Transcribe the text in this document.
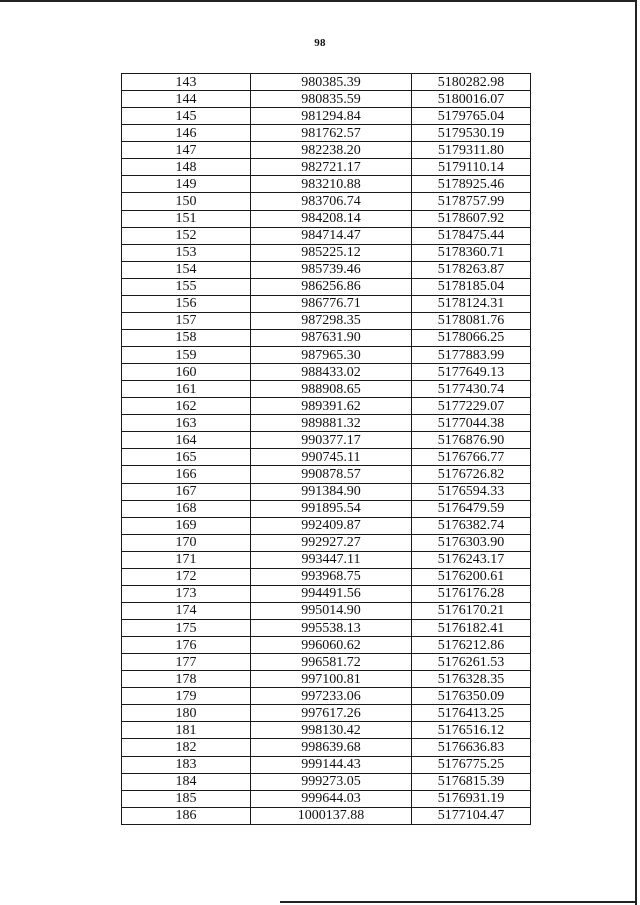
98
143	980385.39	5180282.98
144	980835.59	5180016.07
145	981294.84	5179765.04
146	981762.57	5179530.19
147	982238.20	5179311.80
148	982721.17	5179110.14
149	983210.88	5178925.46
150	983706.74	5178757.99
151	984208.14	5178607.92
152	984714.47	5178475.44
153	985225.12	5178360.71
154	985739.46	5178263.87
155	986256.86	5178185.04
156	986776.71	5178124.31
157	987298.35	5178081.76
158	987631.90	5178066.25
159	987965.30	5177883.99
160	988433.02	5177649.13
161	988908.65	5177430.74
162	989391.62	5177229.07
163	989881.32	5177044.38
164	990377.17	5176876.90
165	990745.11	5176766.77
166	990878.57	5176726.82
167	991384.90	5176594.33
168	991895.54	5176479.59
169	992409.87	5176382.74
170	992927.27	5176303.90
171	993447.11	5176243.17
172	993968.75	5176200.61
173	994491.56	5176176.28
174	995014.90	5176170.21
175	995538.13	5176182.41
176	996060.62	5176212.86
177	996581.72	5176261.53
178	997100.81	5176328.35
179	997233.06	5176350.09
180	997617.26	5176413.25
181	998130.42	5176516.12
182	998639.68	5176636.83
183	999144.43	5176775.25
184	999273.05	5176815.39
185	999644.03	5176931.19
186	1000137.88	5177104.47
